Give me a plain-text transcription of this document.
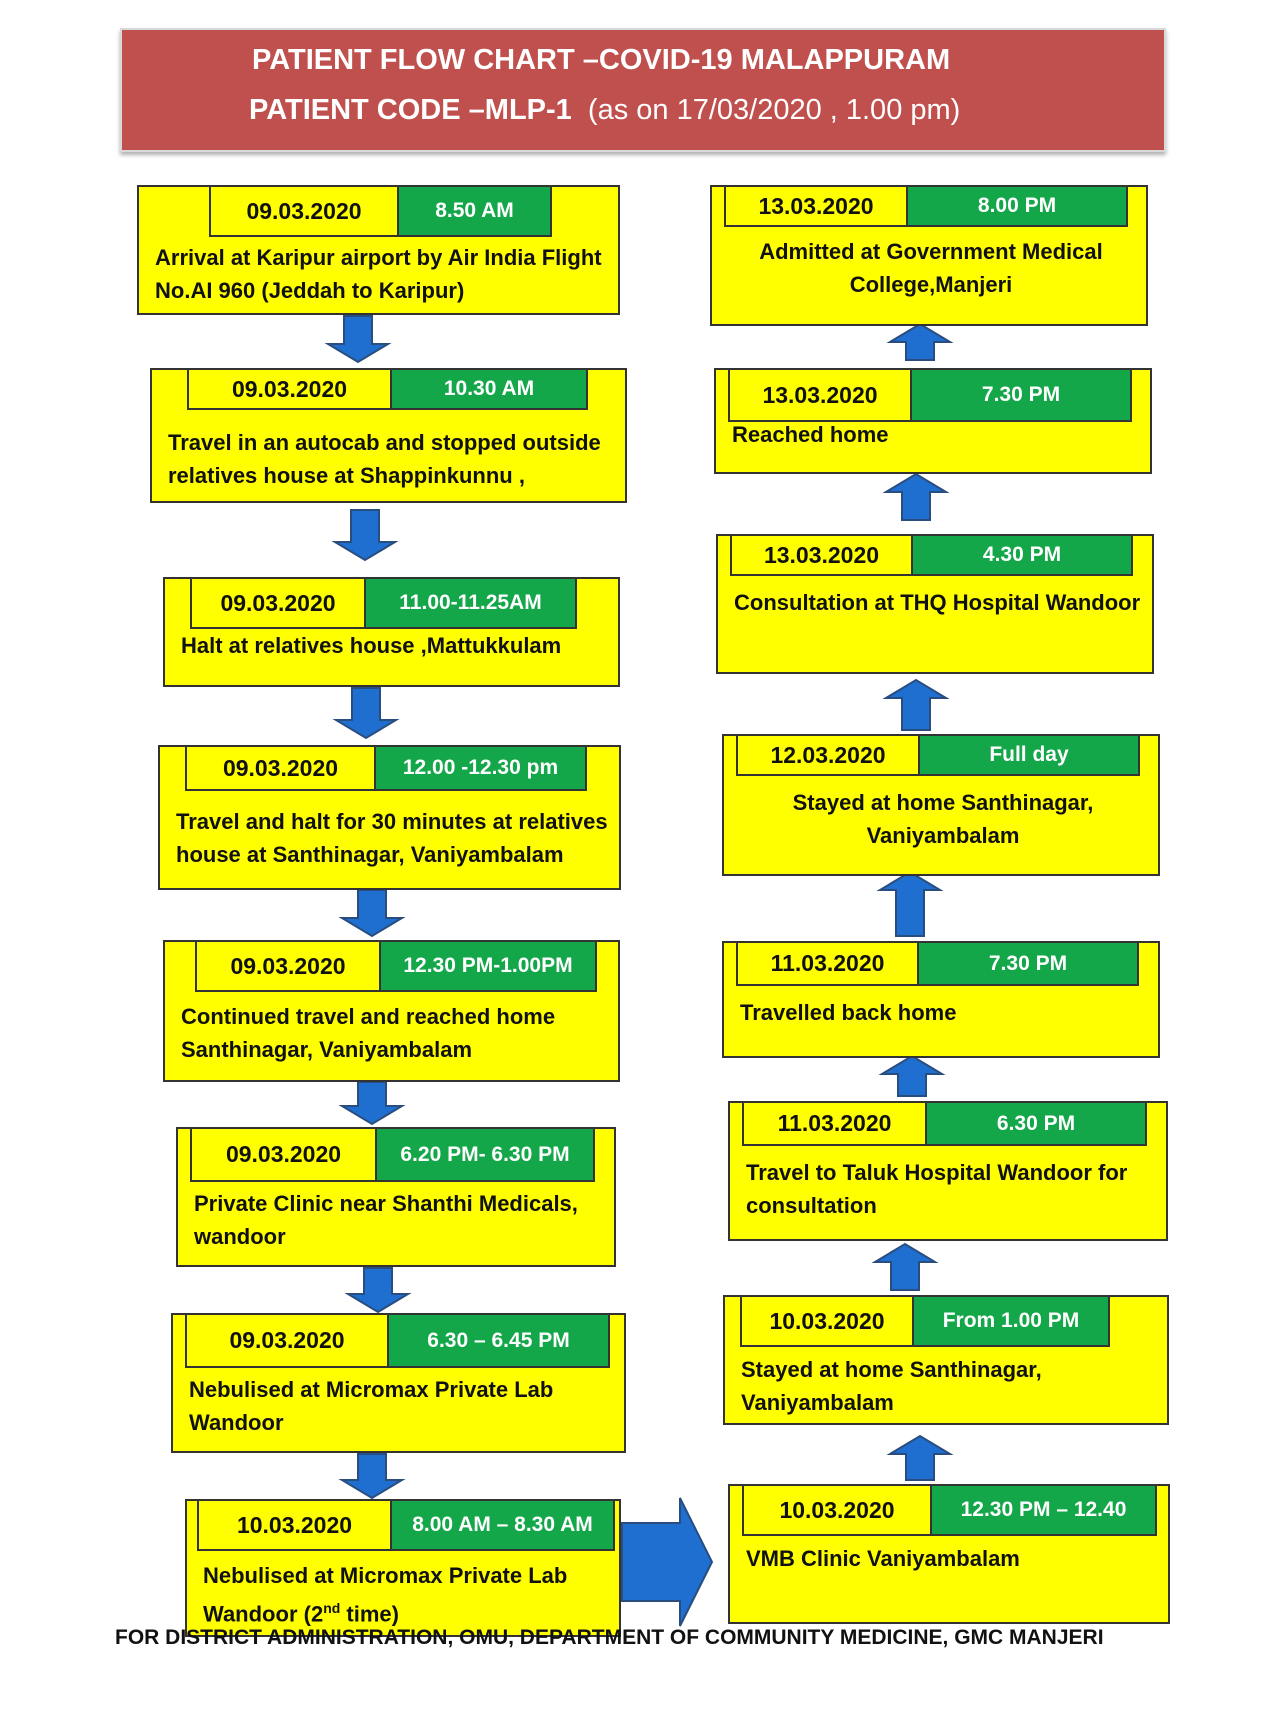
PATIENT FLOW CHART –COVID-19 MALAPPURAM
PATIENT CODE –MLP-1 (as on 17/03/2020 , 1.00 pm)
09.03.2020	8.50 AM
Arrival at Karipur airport by Air India Flight
No.AI 960 (Jeddah to Karipur)
09.03.2020	10.30 AM
Travel in an autocab and stopped outside
relatives house at Shappinkunnu ,
09.03.2020	11.00-11.25AM
Halt at relatives house ,Mattukkulam
09.03.2020	12.00 -12.30 pm
Travel and halt for 30 minutes at relatives
house at Santhinagar, Vaniyambalam
09.03.2020	12.30 PM-1.00PM
Continued travel and reached home
Santhinagar, Vaniyambalam
09.03.2020	6.20 PM- 6.30 PM
Private Clinic near Shanthi Medicals,
wandoor
09.03.2020	6.30 – 6.45 PM
Nebulised at Micromax Private Lab
Wandoor
10.03.2020	8.00 AM – 8.30 AM
Nebulised at Micromax Private Lab
Wandoor (2nd time)
10.03.2020	12.30 PM – 12.40
VMB Clinic Vaniyambalam
10.03.2020	From 1.00 PM
Stayed at home Santhinagar,
Vaniyambalam
11.03.2020	6.30 PM
Travel to Taluk Hospital Wandoor for
consultation
11.03.2020	7.30 PM
Travelled back home
12.03.2020	Full day
Stayed at home Santhinagar,
Vaniyambalam
13.03.2020	4.30 PM
Consultation at THQ Hospital Wandoor
13.03.2020	7.30 PM
Reached home
13.03.2020	8.00 PM
Admitted at Government Medical
College,Manjeri
FOR DISTRICT ADMINISTRATION, OMU, DEPARTMENT OF COMMUNITY MEDICINE, GMC MANJERI
